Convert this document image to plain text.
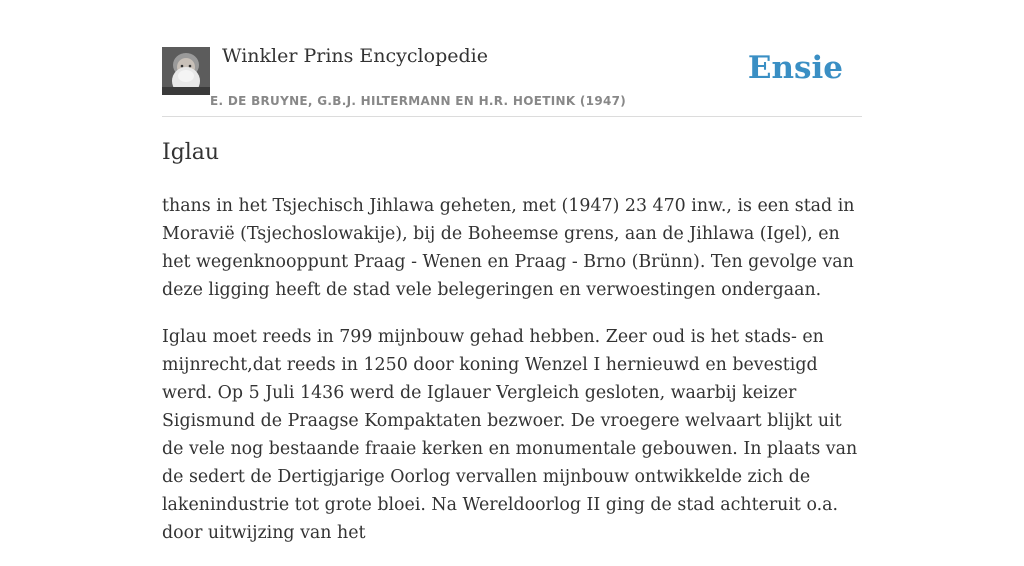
Winkler Prins Encyclopedie
E. DE BRUYNE, G.B.J. HILTERMANN EN H.R. HOETINK (1947)
Ensie
Iglau

thans in het Tsjechisch Jihlawa geheten, met (1947) 23 470 inw., is een stad in Moravië (Tsjechoslowakije), bij de Boheemse grens, aan de Jihlawa (Igel), en het wegenknooppunt Praag - Wenen en Praag - Brno (Brünn). Ten gevolge van deze ligging heeft de stad vele belegeringen en verwoestingen ondergaan.

Iglau moet reeds in 799 mijnbouw gehad hebben. Zeer oud is het stads- en mijnrecht,dat reeds in 1250 door koning Wenzel I hernieuwd en bevestigd werd. Op 5 Juli 1436 werd de Iglauer Vergleich gesloten, waarbij keizer Sigismund de Praagse Kompaktaten bezwoer. De vroegere welvaart blijkt uit de vele nog bestaande fraaie kerken en monumentale gebouwen. In plaats van de sedert de Dertigjarige Oorlog vervallen mijnbouw ontwikkelde zich de lakenindustrie tot grote bloei. Na Wereldoorlog II ging de stad achteruit o.a. door uitwijzing van het
